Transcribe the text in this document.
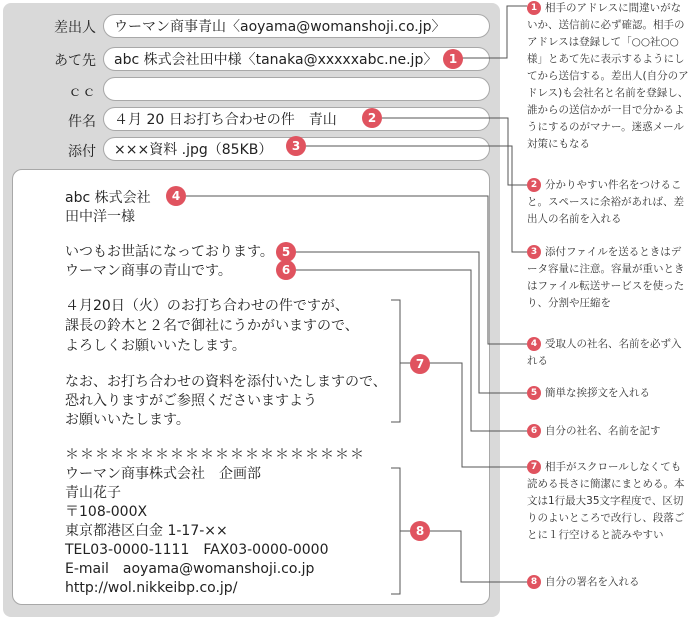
差出人	ウーマン商事青山〈aoyama@womanshoji.co.jp〉
あて先	abc 株式会社田中様〈tanaka@xxxxxabc.ne.jp〉
ｃｃ
件名	４月 20 日お打ち合わせの件　青山
添付	×××資料 .jpg（85KB）
abc 株式会社
田中洋一様
いつもお世話になっております。
ウーマン商事の青山です。
４月20日（火）のお打ち合わせの件ですが、
課長の鈴木と２名で御社にうかがいますので、
よろしくお願いいたします。
なお、お打ち合わせの資料を添付いたしますので、
恐れ入りますがご参照くださいますよう
お願いいたします。
＊＊＊＊＊＊＊＊＊＊＊＊＊＊＊＊＊＊＊＊
ウーマン商事株式会社　企画部
青山花子
〒108-000X
東京都港区白金 1-17-××
TEL03-0000-1111　FAX03-0000-0000
E-mail　aoyama@womanshoji.co.jp
http://wol.nikkeibp.co.jp/
1
2
3
4
5
6
7
8
1 相手のアドレスに間違いがないか、送信前に必ず確認。相手のアドレスは登録して「○○社○○様」とあて先に表示するようにしてから送信する。差出人(自分のアドレス)も会社名と名前を登録し、誰からの送信かが一目で分かるようにするのがマナー。迷惑メール対策にもなる
2 分かりやすい件名をつけること。スペースに余裕があれば、差出人の名前を入れる
3 添付ファイルを送るときはデータ容量に注意。容量が重いときはファイル転送サービスを使ったり、分割や圧縮を
4 受取人の社名、名前を必ず入れる
5 簡単な挨拶文を入れる
6 自分の社名、名前を記す
7 相手がスクロールしなくても読める長さに簡潔にまとめる。本文は1行最大35文字程度で、区切りのよいところで改行し、段落ごとに１行空けると読みやすい
8 自分の署名を入れる
